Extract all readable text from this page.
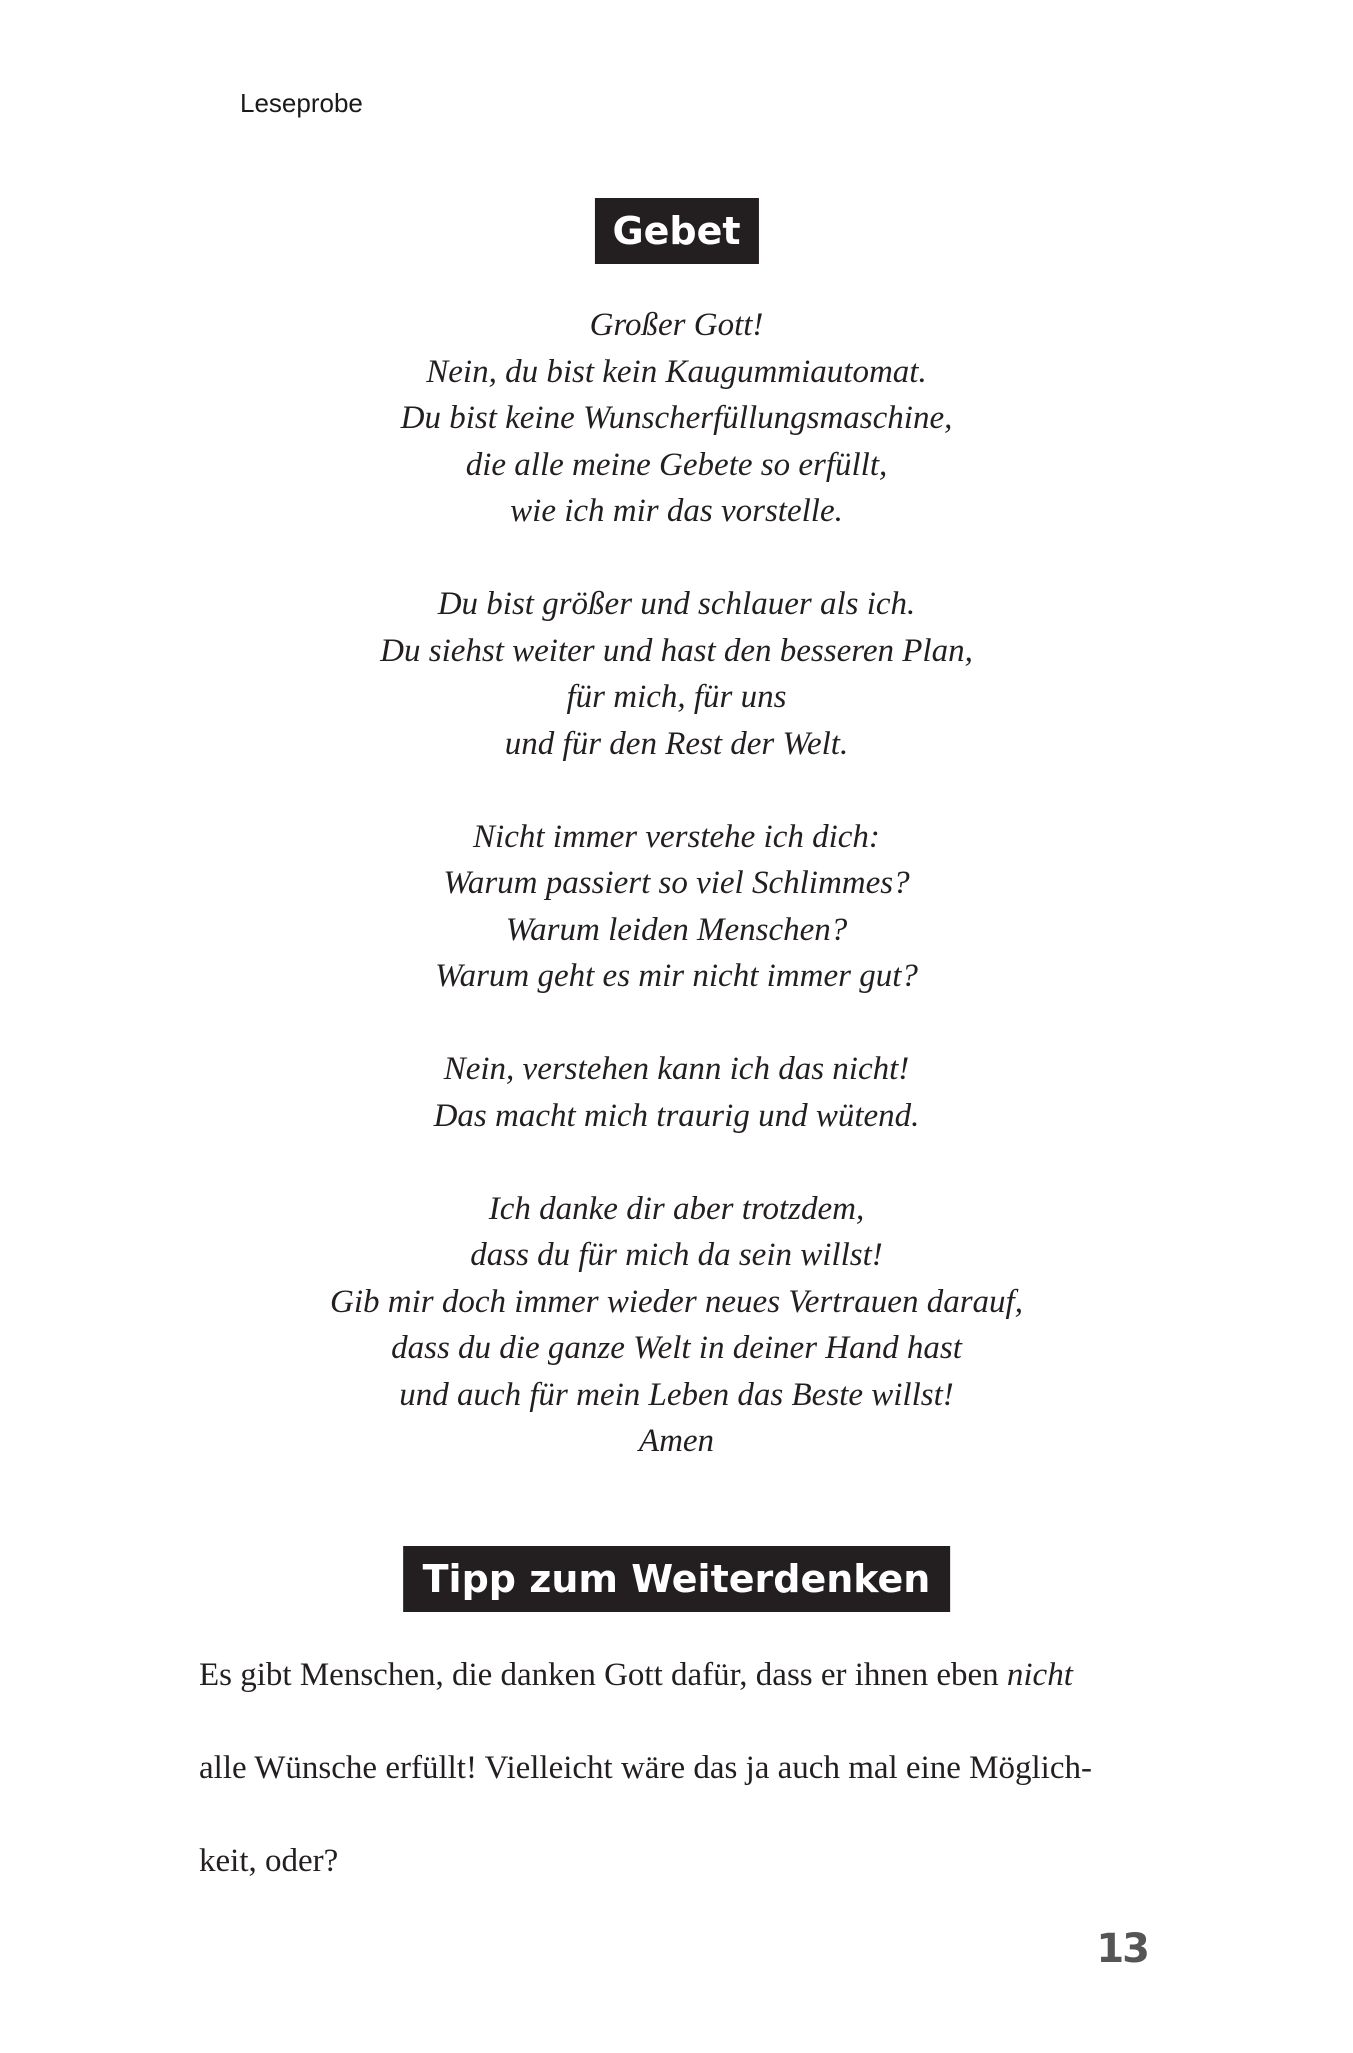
Leseprobe

Gebet

Großer Gott!
Nein, du bist kein Kaugummiautomat.
Du bist keine Wunscherfüllungsmaschine,
die alle meine Gebete so erfüllt,
wie ich mir das vorstelle.

Du bist größer und schlauer als ich.
Du siehst weiter und hast den besseren Plan,
für mich, für uns
und für den Rest der Welt.

Nicht immer verstehe ich dich:
Warum passiert so viel Schlimmes?
Warum leiden Menschen?
Warum geht es mir nicht immer gut?

Nein, verstehen kann ich das nicht!
Das macht mich traurig und wütend.

Ich danke dir aber trotzdem,
dass du für mich da sein willst!
Gib mir doch immer wieder neues Vertrauen darauf,
dass du die ganze Welt in deiner Hand hast
und auch für mein Leben das Beste willst!
Amen

Tipp zum Weiterdenken

Es gibt Menschen, die danken Gott dafür, dass er ihnen eben nicht

alle Wünsche erfüllt! Vielleicht wäre das ja auch mal eine Möglich-

keit, oder?

13
